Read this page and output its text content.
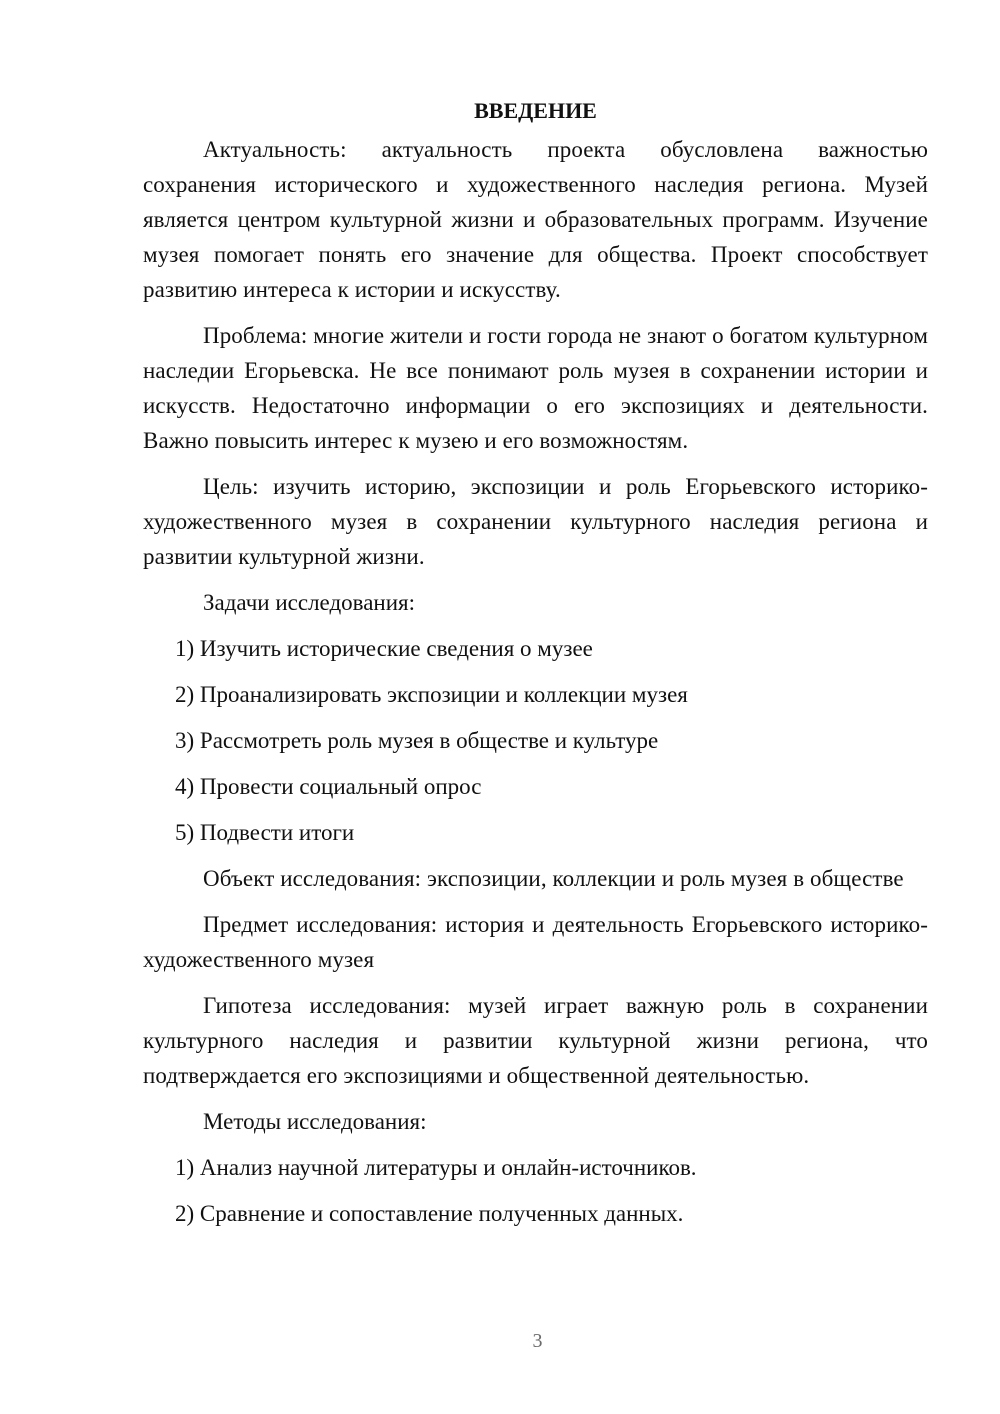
ВВЕДЕНИЕ

Актуальность: актуальность проекта обусловлена важностью сохранения исторического и художественного наследия региона. Музей является центром культурной жизни и образовательных программ. Изучение музея помогает понять его значение для общества. Проект способствует развитию интереса к истории и искусству.

Проблема: многие жители и гости города не знают о богатом культурном наследии Егорьевска. Не все понимают роль музея в сохранении истории и искусств. Недостаточно информации о его экспозициях и деятельности. Важно повысить интерес к музею и его возможностям.

Цель: изучить историю, экспозиции и роль Егорьевского историко-художественного музея в сохранении культурного наследия региона и развитии культурной жизни.

Задачи исследования:

1) Изучить исторические сведения о музее
2) Проанализировать экспозиции и коллекции музея
3) Рассмотреть роль музея в обществе и культуре
4) Провести социальный опрос
5) Подвести итоги

Объект исследования: экспозиции, коллекции и роль музея в обществе

Предмет исследования: история и деятельность Егорьевского историко-художественного музея

Гипотеза исследования: музей играет важную роль в сохранении культурного наследия и развитии культурной жизни региона, что подтверждается его экспозициями и общественной деятельностью.

Методы исследования:

1) Анализ научной литературы и онлайн-источников.
2) Сравнение и сопоставление полученных данных.
3
